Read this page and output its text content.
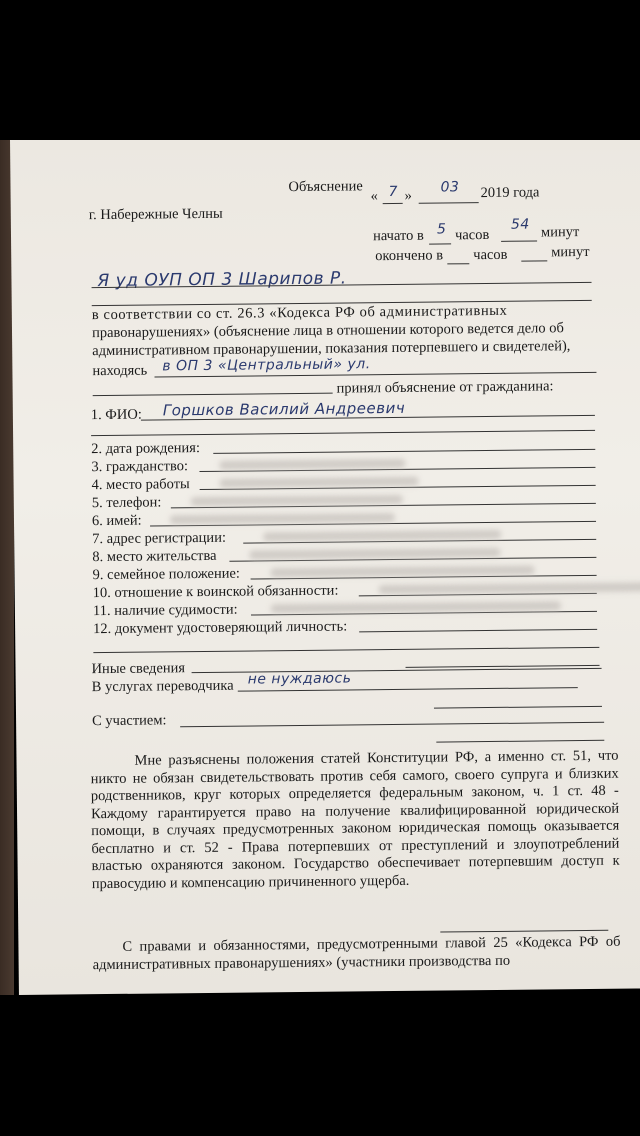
Объяснение
« 7 »
03 2019 года
г. Набережные Челны
начато в 5 часов
54 минут
окончено в часов	минут
Я уд ОУП ОП 3 Шарипов Р.
в соответствии со ст. 26.3 «Кодекса РФ об административных
правонарушениях» (объяснение лица в отношении которого ведется дело об
административном правонарушении, показания потерпевшего и свидетелей),
находясь в ОП 3 «Центральный» ул.
принял объяснение от гражданина:
1. ФИО: Горшков Василий Андреевич
2. дата рождения:
3. гражданство:
4. место работы
5. телефон:
6. имей:
7. адрес регистрации:
8. место жительства
9. семейное положение:
10. отношение к воинской обязанности:
11. наличие судимости:
12. документ удостоверяющий личность:
Иные сведения
В услугах переводчика не нуждаюсь
С участием:
Мне разъяснены положения статей Конституции РФ, а именно ст. 51, что никто не обязан свидетельствовать против себя самого, своего супруга и близких родственников, круг которых определяется федеральным законом, ч. 1 ст. 48 - Каждому гарантируется право на получение квалифицированной юридической помощи, в случаях предусмотренных законом юридическая помощь оказывается бесплатно и ст. 52 - Права потерпевших от преступлений и злоупотреблений властью охраняются законом. Государство обеспечивает потерпевшим доступ к правосудию и компенсацию причиненного ущерба.
С правами и обязанностями, предусмотренными главой 25 «Кодекса РФ об административных правонарушениях» (участники производства по
